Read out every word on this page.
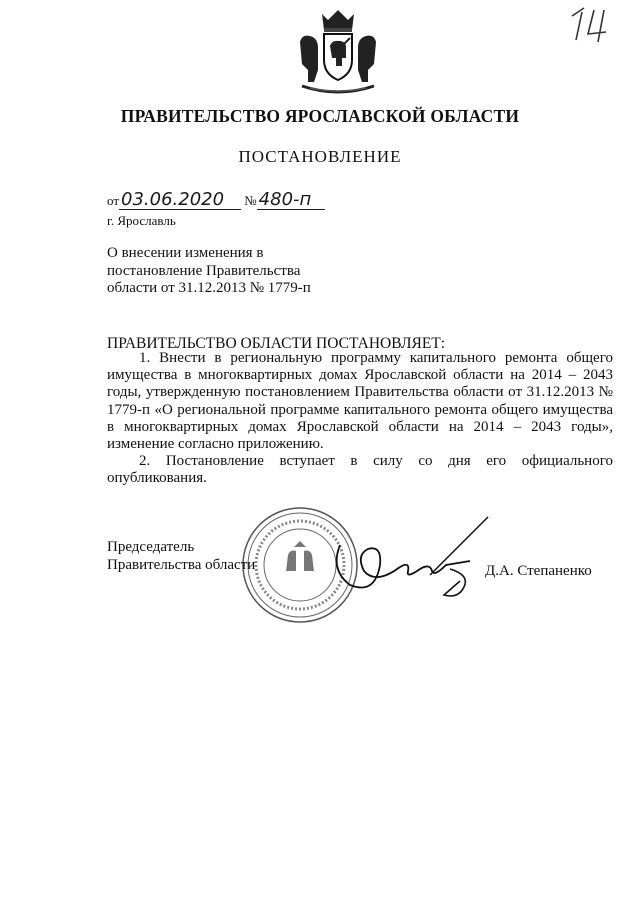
ПРАВИТЕЛЬСТВО ЯРОСЛАВСКОЙ ОБЛАСТИ
ПОСТАНОВЛЕНИЕ
от 03.06.2020 № 480-п
г. Ярославль
О внесении изменения в
постановление Правительства
области от 31.12.2013 № 1779-п
ПРАВИТЕЛЬСТВО ОБЛАСТИ ПОСТАНОВЛЯЕТ:

1. Внести в региональную программу капитального ремонта общего имущества в многоквартирных домах Ярославской области на 2014 – 2043 годы, утвержденную постановлением Правительства области от 31.12.2013 № 1779-п «О региональной программе капитального ремонта общего имущества в многоквартирных домах Ярославской области на 2014 – 2043 годы», изменение согласно приложению.

2. Постановление вступает в силу со дня его официального опубликования.

Председатель
Правительства области	Д.А. Степаненко
